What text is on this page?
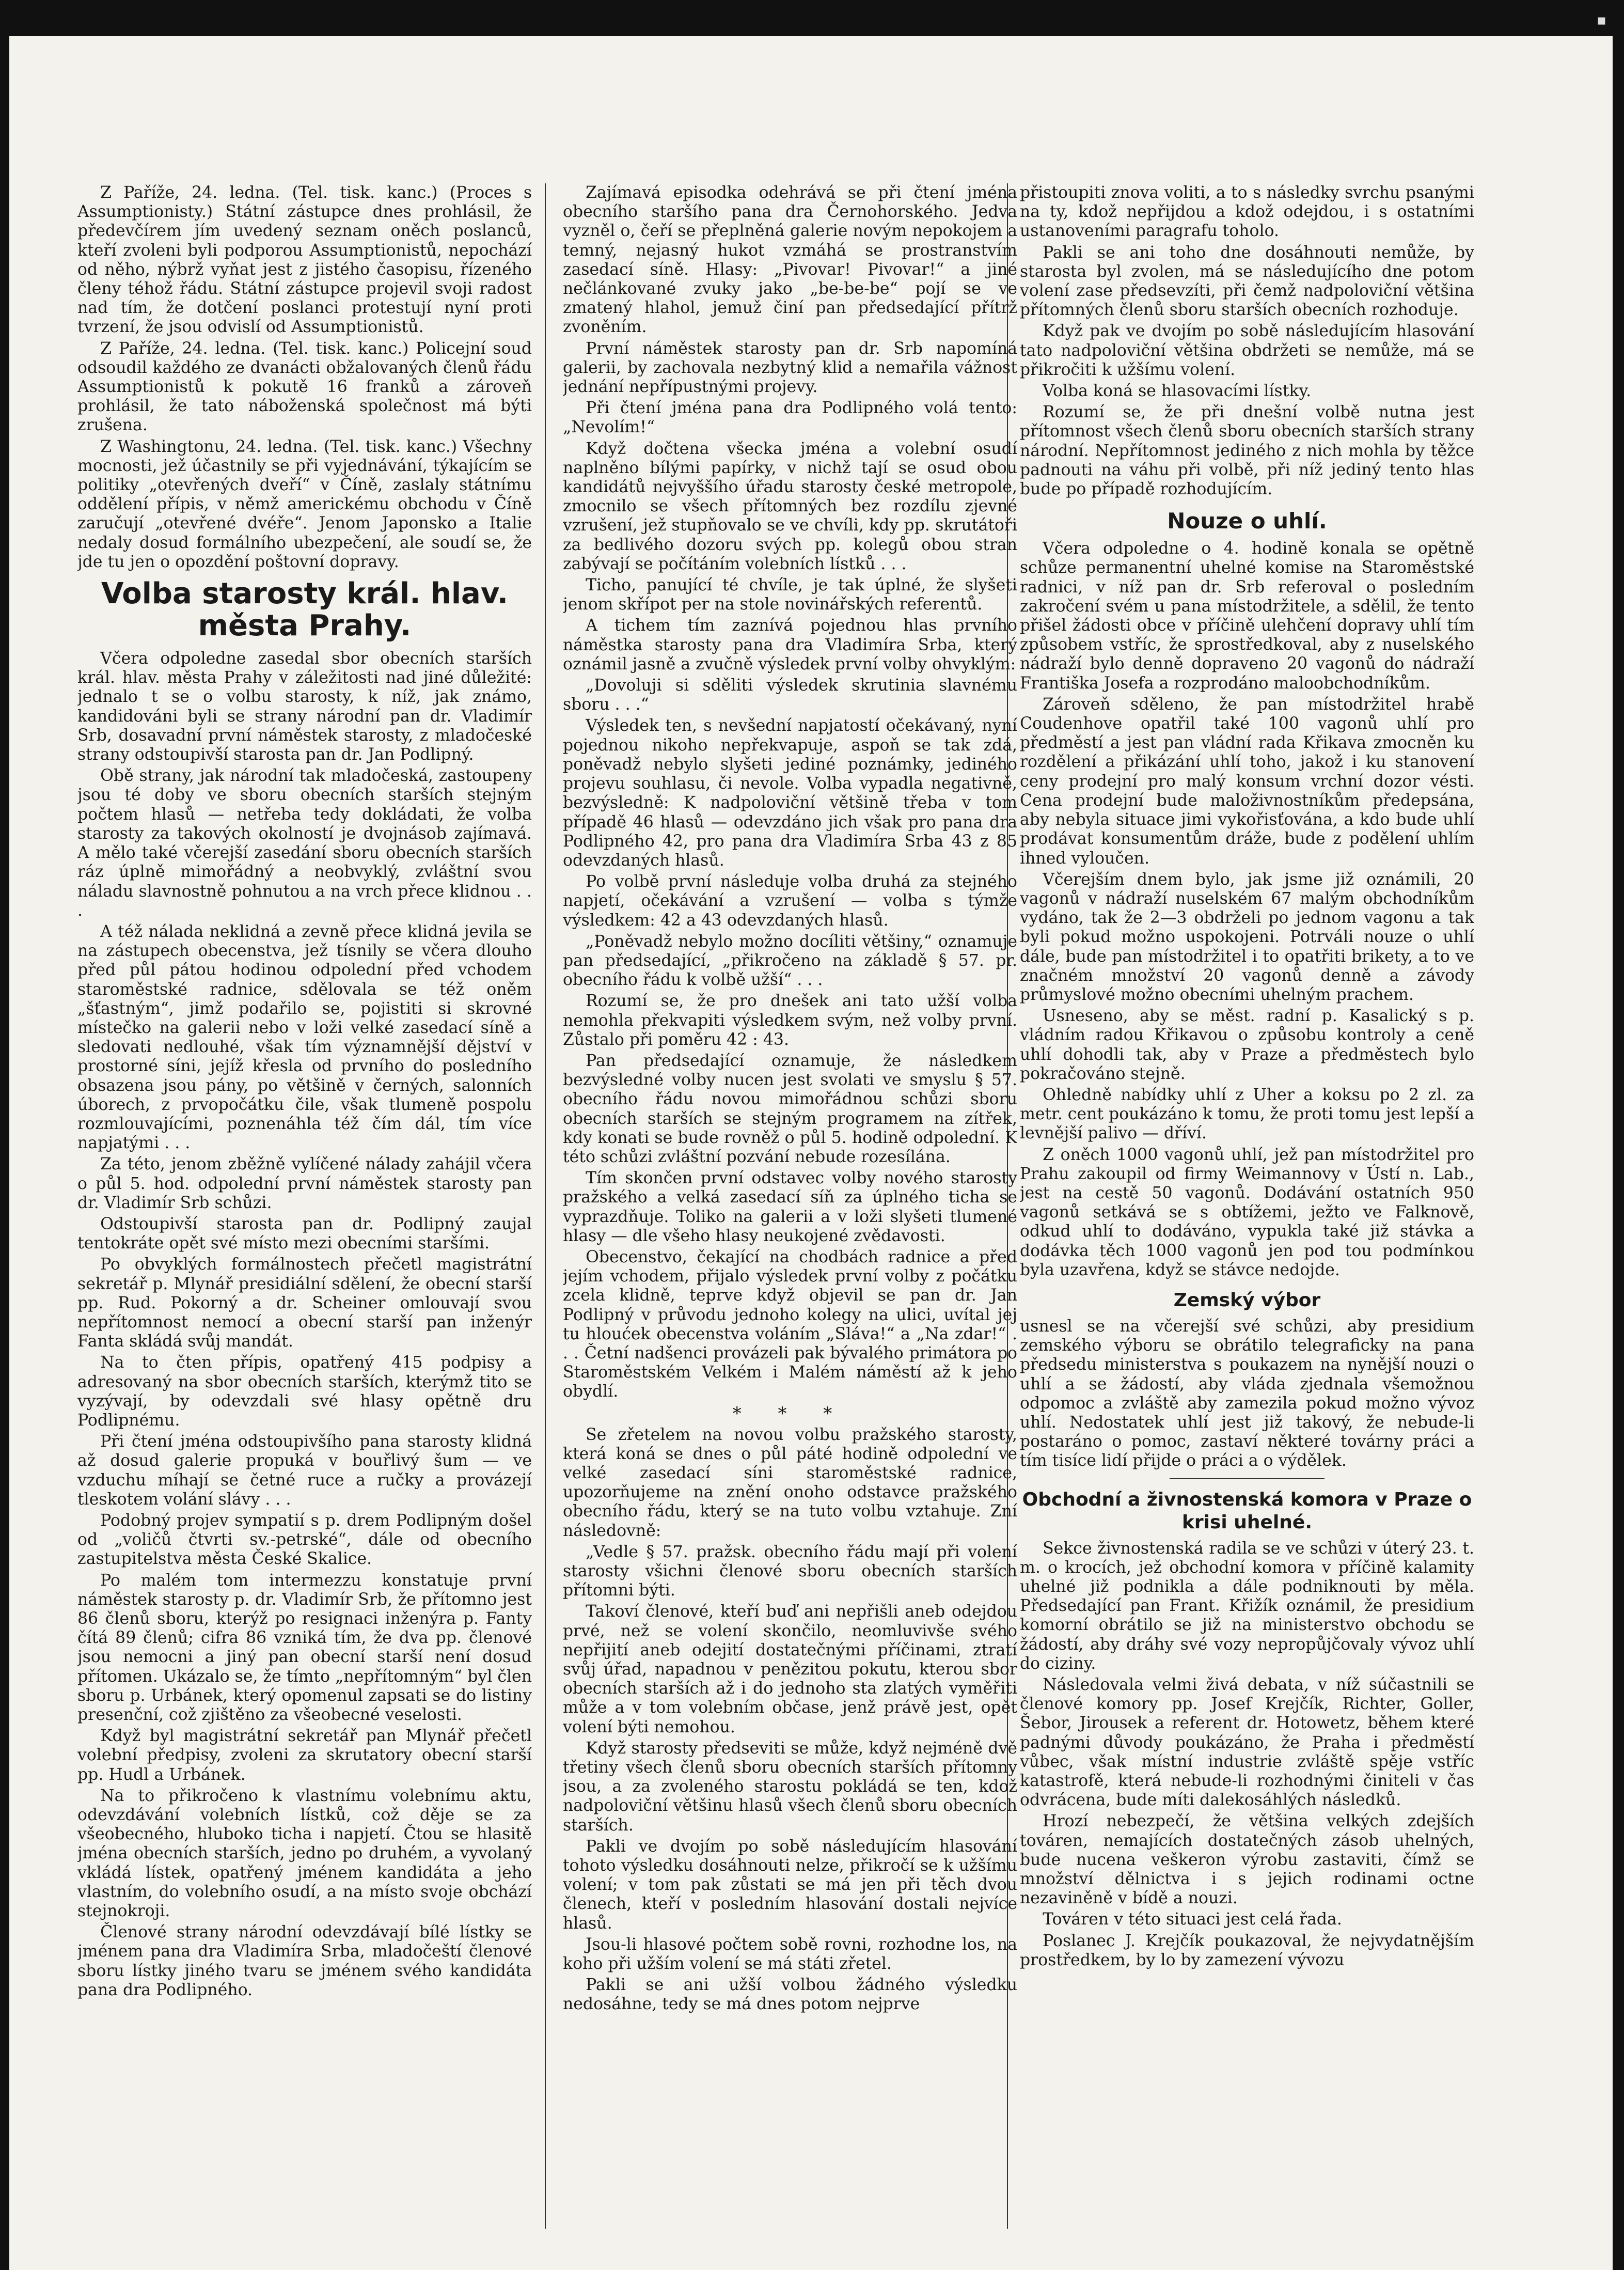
▪

Z Paříže, 24. ledna. (Tel. tisk. kanc.) (Proces s Assumptionisty.) Státní zástupce dnes prohlásil, že předevčírem jím uvedený seznam oněch poslanců, kteří zvoleni byli podporou Assumptionistů, nepochází od něho, nýbrž vyňat jest z jistého časopisu, řízeného členy téhož řádu. Státní zástupce projevil svoji radost nad tím, že dotčení poslanci protestují nyní proti tvrzení, že jsou odvislí od Assumptionistů.

Z Paříže, 24. ledna. (Tel. tisk. kanc.) Policejní soud odsoudil každého ze dvanácti obžalovaných členů řádu Assumptionistů k pokutě 16 franků a zároveň prohlásil, že tato náboženská společnost má býti zrušena.

Z Washingtonu, 24. ledna. (Tel. tisk. kanc.) Všechny mocnosti, jež účastnily se při vyjednávání, týkajícím se politiky „otevřených dveří“ v Číně, zaslaly státnímu oddělení přípis, v němž americkému obchodu v Číně zaručují „otevřené dvéře“. Jenom Japonsko a Italie nedaly dosud formálního ubezpečení, ale soudí se, že jde tu jen o opozdění poštovní dopravy.

Volba starosty král. hlav. města Prahy.

Včera odpoledne zasedal sbor obecních starších král. hlav. města Prahy v záležitosti nad jiné důležité: jednalo t se o volbu starosty, k níž, jak známo, kandidováni byli se strany národní pan dr. Vladimír Srb, dosavadní první náměstek starosty, z mladočeské strany odstoupivší starosta pan dr. Jan Podlipný.

Obě strany, jak národní tak mladočeská, zastoupeny jsou té doby ve sboru obecních starších stejným počtem hlasů — netřeba tedy dokládati, že volba starosty za takových okolností je dvojnásob zajímavá. A mělo také včerejší zasedání sboru obecních starších ráz úplně mimořádný a neobvyklý, zvláštní svou náladu slavnostně pohnutou a na vrch přece klidnou . . .

A též nálada neklidná a zevně přece klidná jevila se na zástupech obecenstva, jež tísnily se včera dlouho před půl pátou hodinou odpolední před vchodem staroměstské radnice, sdělovala se též oněm „šťastným“, jimž podařilo se, pojistiti si skrovné místečko na galerii nebo v loži velké zasedací síně a sledovati nedlouhé, však tím významnější dějství v prostorné síni, jejíž křesla od prvního do posledního obsazena jsou pány, po většině v černých, salonních úborech, z prvopočátku čile, však tlumeně pospolu rozmlouvajícími, poznenáhla též čím dál, tím více napjatými . . .

Za této, jenom zběžně vylíčené nálady zahájil včera o půl 5. hod. odpolední první náměstek starosty pan dr. Vladimír Srb schůzi.

Odstoupivší starosta pan dr. Podlipný zaujal tentokráte opět své místo mezi obecními staršími.

Po obvyklých formálnostech přečetl magistrátní sekretář p. Mlynář presidiální sdělení, že obecní starší pp. Rud. Pokorný a dr. Scheiner omlouvají svou nepřítomnost nemocí a obecní starší pan inženýr Fanta skládá svůj mandát.

Na to čten přípis, opatřený 415 podpisy a adresovaný na sbor obecních starších, kterýmž tito se vyzývají, by odevzdali své hlasy opětně dru Podlipnému.

Při čtení jména odstoupivšího pana starosty klidná až dosud galerie propuká v bouřlivý šum — ve vzduchu míhají se četné ruce a ručky a provázejí tleskotem volání slávy . . .

Podobný projev sympatií s p. drem Podlipným došel od „voličů čtvrti sv.-petrské“, dále od obecního zastupitelstva města České Skalice.

Po malém tom intermezzu konstatuje první náměstek starosty p. dr. Vladimír Srb, že přítomno jest 86 členů sboru, kterýž po resignaci inženýra p. Fanty čítá 89 členů; cifra 86 vzniká tím, že dva pp. členové jsou nemocni a jiný pan obecní starší není dosud přítomen. Ukázalo se, že tímto „nepřítomným“ byl člen sboru p. Urbánek, který opomenul zapsati se do listiny presenční, což zjištěno za všeobecné veselosti.

Když byl magistrátní sekretář pan Mlynář přečetl volební předpisy, zvoleni za skrutatory obecní starší pp. Hudl a Urbánek.

Na to přikročeno k vlastnímu volebnímu aktu, odevzdávání volebních lístků, což děje se za všeobecného, hluboko ticha i napjetí. Čtou se hlasitě jména obecních starších, jedno po druhém, a vyvolaný vkládá lístek, opatřený jménem kandidáta a jeho vlastním, do volebního osudí, a na místo svoje obchází stejnokroji.

Členové strany národní odevzdávají bílé lístky se jménem pana dra Vladimíra Srba, mladočeští členové sboru lístky jiného tvaru se jménem svého kandidáta pana dra Podlipného.

Zajímavá episodka odehrává se při čtení jména obecního staršího pana dra Černohorského. Jedva vyzněl o, čeří se přeplněná galerie novým nepokojem a temný, nejasný hukot vzmáhá se prostranstvím zasedací síně. Hlasy: „Pivovar! Pivovar!“ a jiné nečlánkované zvuky jako „be-be-be“ pojí se ve zmatený hlahol, jemuž činí pan předsedající přítrž zvoněním.

První náměstek starosty pan dr. Srb napomíná galerii, by zachovala nezbytný klid a nemařila vážnost jednání nepřípustnými projevy.

Při čtení jména pana dra Podlipného volá tento: „Nevolím!“

Když dočtena všecka jména a volební osudí naplněno bílými papírky, v nichž tají se osud obou kandidátů nejvyššího úřadu starosty české metropole, zmocnilo se všech přítomných bez rozdílu zjevné vzrušení, jež stupňovalo se ve chvíli, kdy pp. skrutátoři za bedlivého dozoru svých pp. kolegů obou stran zabývají se počítáním volebních lístků . . .

Ticho, panující té chvíle, je tak úplné, že slyšeti jenom skřípot per na stole novinářských referentů.

A tichem tím zaznívá pojednou hlas prvního náměstka starosty pana dra Vladimíra Srba, který oznámil jasně a zvučně výsledek první volby ohvyklým:

„Dovoluji si sděliti výsledek skrutinia slavnému sboru . . .“

Výsledek ten, s nevšední napjatostí očekávaný, nyní pojednou nikoho nepřekvapuje, aspoň se tak zdá, poněvadž nebylo slyšeti jediné poznámky, jediného projevu souhlasu, či nevole. Volba vypadla negativně, bezvýsledně: K nadpoloviční většině třeba v tom případě 46 hlasů — odevzdáno jich však pro pana dra Podlipného 42, pro pana dra Vladimíra Srba 43 z 85 odevzdaných hlasů.

Po volbě první následuje volba druhá za stejného napjetí, očekávání a vzrušení — volba s týmže výsledkem: 42 a 43 odevzdaných hlasů.

„Poněvadž nebylo možno docíliti většiny,“ oznamuje pan předsedající, „přikročeno na základě § 57. pr. obecního řádu k volbě užší“ . . .

Rozumí se, že pro dnešek ani tato užší volba nemohla překvapiti výsledkem svým, než volby první. Zůstalo při poměru 42 : 43.

Pan předsedající oznamuje, že následkem bezvýsledné volby nucen jest svolati ve smyslu § 57. obecního řádu novou mimořádnou schůzi sboru obecních starších se stejným programem na zítřek, kdy konati se bude rovněž o půl 5. hodině odpolední. K této schůzi zvláštní pozvání nebude rozesílána.

Tím skončen první odstavec volby nového starosty pražského a velká zasedací síň za úplného ticha se vyprazdňuje. Toliko na galerii a v loži slyšeti tlumené hlasy — dle všeho hlasy neukojené zvědavosti.

Obecenstvo, čekající na chodbách radnice a před jejím vchodem, přijalo výsledek první volby z počátku zcela klidně, teprve když objevil se pan dr. Jan Podlipný v průvodu jednoho kolegy na ulici, uvítal jej tu hloućek obecenstva voláním „Sláva!“ a „Na zdar!“ . . . Četní nadšenci provázeli pak bývalého primátora po Staroměstském Velkém i Malém náměstí až k jeho obydlí.

* * *

Se zřetelem na novou volbu pražského starosty, která koná se dnes o půl páté hodině odpolední ve velké zasedací síni staroměstské radnice, upozorňujeme na znění onoho odstavce pražského obecního řádu, který se na tuto volbu vztahuje. Zní následovně:

„Vedle § 57. pražsk. obecního řádu mají při volení starosty všichni členové sboru obecních starších přítomni býti.

Takoví členové, kteří buď ani nepřišli aneb odejdou prvé, než se volení skončilo, neomluvivše svého nepřijití aneb odejití dostatečnými příčinami, ztratí svůj úřad, napadnou v penězitou pokutu, kterou sbor obecních starších až i do jednoho sta zlatých vyměřiti může a v tom volebním občase, jenž právě jest, opět volení býti nemohou.

Když starosty předseviti se může, když nejméně dvě třetiny všech členů sboru obecních starších přítomny jsou, a za zvoleného starostu pokládá se ten, kdož nadpoloviční většinu hlasů všech členů sboru obecních starších.

Pakli ve dvojím po sobě následujícím hlasování tohoto výsledku dosáhnouti nelze, přikročí se k užšímu volení; v tom pak zůstati se má jen při těch dvou členech, kteří v posledním hlasování dostali nejvíce hlasů.

Jsou-li hlasové počtem sobě rovni, rozhodne los, na koho při užším volení se má státi zřetel.

Pakli se ani užší volbou žádného výsledku nedosáhne, tedy se má dnes potom nejprve

přistoupiti znova voliti, a to s následky svrchu psanými na ty, kdož nepřijdou a kdož odejdou, i s ostatními ustanoveními paragrafu toholo.

Pakli se ani toho dne dosáhnouti nemůže, by starosta byl zvolen, má se následujícího dne potom volení zase předsevzíti, při čemž nadpoloviční většina přítomných členů sboru starších obecních rozhoduje.

Když pak ve dvojím po sobě následujícím hlasování tato nadpoloviční většina obdržeti se nemůže, má se přikročiti k užšímu volení.

Volba koná se hlasovacími lístky.

Rozumí se, že při dnešní volbě nutna jest přítomnost všech členů sboru obecních starších strany národní. Nepřítomnost jediného z nich mohla by těžce padnouti na váhu při volbě, při níž jediný tento hlas bude po případě rozhodujícím.

Nouze o uhlí.

Včera odpoledne o 4. hodině konala se opětně schůze permanentní uhelné komise na Staroměstské radnici, v níž pan dr. Srb referoval o posledním zakročení svém u pana místodržitele, a sdělil, že tento přišel žádosti obce v příčině ulehčení dopravy uhlí tím způsobem vstříc, že sprostředkoval, aby z nuselského nádraží bylo denně dopraveno 20 vagonů do nádraží Františka Josefa a rozprodáno maloobchodníkům.

Zároveň sděleno, že pan místodržitel hrabě Coudenhove opatřil také 100 vagonů uhlí pro předměstí a jest pan vládní rada Křikava zmocněn ku rozdělení a přikázání uhlí toho, jakož i ku stanovení ceny prodejní pro malý konsum vrchní dozor vésti. Cena prodejní bude maloživnostníkům předepsána, aby nebyla situace jimi vykořisťována, a kdo bude uhlí prodávat konsumentům dráže, bude z podělení uhlím ihned vyloučen.

Včerejším dnem bylo, jak jsme již oznámili, 20 vagonů v nádraží nuselském 67 malým obchodníkům vydáno, tak že 2—3 obdrželi po jednom vagonu a tak byli pokud možno uspokojeni. Potrváli nouze o uhlí dále, bude pan místodržitel i to opatřiti brikety, a to ve značném množství 20 vagonů denně a závody průmyslové možno obecními uhelným prachem.

Usneseno, aby se měst. radní p. Kasalický s p. vládním radou Křikavou o způsobu kontroly a ceně uhlí dohodli tak, aby v Praze a předměstech bylo pokračováno stejně.

Ohledně nabídky uhlí z Uher a koksu po 2 zl. za metr. cent poukázáno k tomu, že proti tomu jest lepší a levnější palivo — dříví.

Z oněch 1000 vagonů uhlí, jež pan místodržitel pro Prahu zakoupil od firmy Weimannovy v Ústí n. Lab., jest na cestě 50 vagonů. Dodávání ostatních 950 vagonů setkává se s obtížemi, ježto ve Falknově, odkud uhlí to dodáváno, vypukla také již stávka a dodávka těch 1000 vagonů jen pod tou podmínkou byla uzavřena, když se stávce nedojde.

Zemský výbor

usnesl se na včerejší své schůzi, aby presidium zemského výboru se obrátilo telegraficky na pana předsedu ministerstva s poukazem na nynější nouzi o uhlí a se žádostí, aby vláda zjednala všemožnou odpomoc a zvláště aby zamezila pokud možno vývoz uhlí. Nedostatek uhlí jest již takový, že nebude-li postaráno o pomoc, zastaví některé továrny práci a tím tisíce lidí přijde o práci a o výdělek.

Obchodní a živnostenská komora v Praze o krisi uhelné.

Sekce živnostenská radila se ve schůzi v úterý 23. t. m. o krocích, jež obchodní komora v příčině kalamity uhelné již podnikla a dále podniknouti by měla. Předsedající pan Frant. Křižík oznámil, že presidium komorní obrátilo se již na ministerstvo obchodu se žádostí, aby dráhy své vozy nepropůjčovaly vývoz uhlí do ciziny.

Následovala velmi živá debata, v níž súčastnili se členové komory pp. Josef Krejčík, Richter, Goller, Šebor, Jirousek a referent dr. Hotowetz, během které padnými důvody poukázáno, že Praha i předměstí vůbec, však místní industrie zvláště spěje vstříc katastrofě, která nebude-li rozhodnými činiteli v čas odvrácena, bude míti dalekosáhlých následků.

Hrozí nebezpečí, že většina velkých zdejších továren, nemajících dostatečných zásob uhelných, bude nucena veškeron výrobu zastaviti, čímž se množství dělnictva i s jejich rodinami octne nezaviněně v bídě a nouzi.

Továren v této situaci jest celá řada.

Poslanec J. Krejčík poukazoval, že nejvydatnějším prostředkem, by lo by zamezení vývozu
